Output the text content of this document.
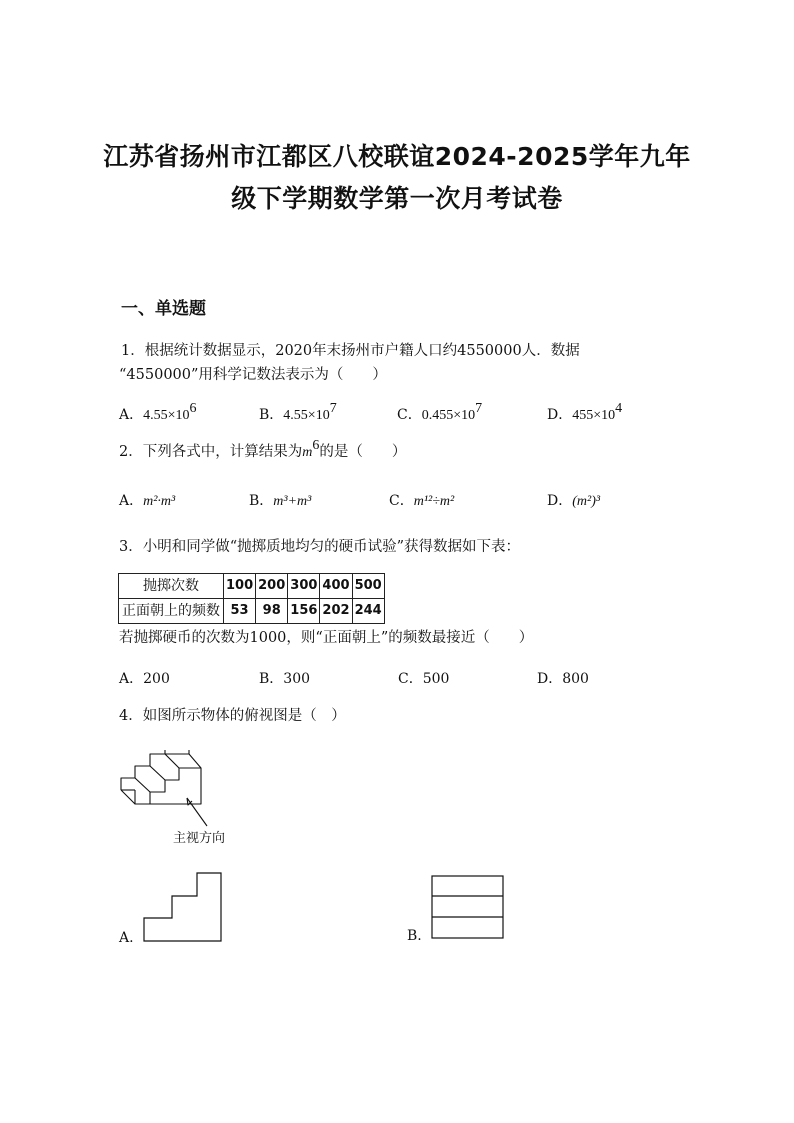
江苏省扬州市江都区八校联谊2024-2025学年九年
级下学期数学第一次月考试卷
一、单选题
1．根据统计数据显示，2020年末扬州市户籍人口约4550000人．数据
“4550000”用科学记数法表示为（　　）
A．$4.55\times 10^6$	B．$4.55\times 10^7$	C．$0.455\times 10^7$	D．$455\times 10^4$
2．下列各式中，计算结果为$m^6$的是（　　）
A．m²·m³	B．m³+m³	C．m¹²÷m²	D．(m²)³
3．小明和同学做“抛掷质地均匀的硬币试验”获得数据如下表：
抛掷次数	100	200	300	400	500
正面朝上的频数	53	98	156	202	244
若抛掷硬币的次数为1000，则“正面朝上”的频数最接近（　　）
A．200	B．300	C．500	D．800
4．如图所示物体的俯视图是（　）
主视方向
A.	B.
